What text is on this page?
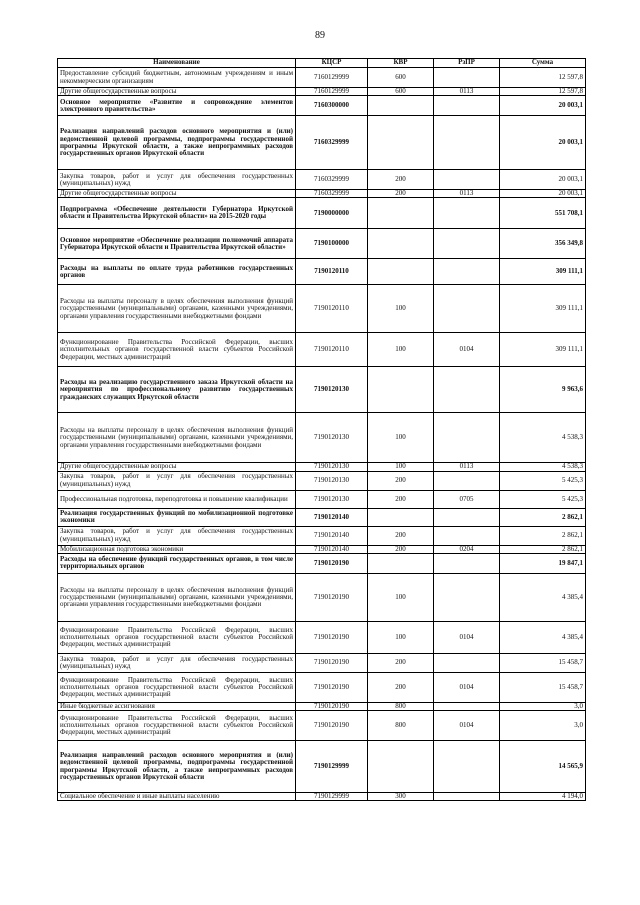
89
Наименование	КЦСР	КВР	РзПР	Сумма
Предоставление субсидий бюджетным, автономным учреждениям и иным некоммерческим организациям	7160129999	600		12 597,8
Другие общегосударственные вопросы	7160129999	600	0113	12 597,8
Основное мероприятие «Развитие и сопровождение элементов электронного правительства»	7160300000			20 003,1
Реализация направлений расходов основного мероприятия и (или) ведомственной целевой программы, подпрограммы государственной программы Иркутской области, а также непрограммных расходов государственных органов Иркутской области	7160329999			20 003,1
Закупка товаров, работ и услуг для обеспечения государственных (муниципальных) нужд	7160329999	200		20 003,1
Другие общегосударственные вопросы	7160329999	200	0113	20 003,1
Подпрограмма «Обеспечение деятельности Губернатора Иркутской области и Правительства Иркутской области» на 2015-2020 годы	7190000000			551 708,1
Основное мероприятие «Обеспечение реализации полномочий аппарата Губернатора Иркутской области и Правительства Иркутской области»	7190100000			356 349,8
Расходы на выплаты по оплате труда работников государственных органов	7190120110			309 111,1
Расходы на выплаты персоналу в целях обеспечения выполнения функций государственными (муниципальными) органами, казенными учреждениями, органами управления государственными внебюджетными фондами	7190120110	100		309 111,1
Функционирование Правительства Российской Федерации, высших исполнительных органов государственной власти субъектов Российской Федерации, местных администраций	7190120110	100	0104	309 111,1
Расходы на реализацию государственного заказа Иркутской области на мероприятия по профессиональному развитию государственных гражданских служащих Иркутской области	7190120130			9 963,6
Расходы на выплаты персоналу в целях обеспечения выполнения функций государственными (муниципальными) органами, казенными учреждениями, органами управления государственными внебюджетными фондами	7190120130	100		4 538,3
Другие общегосударственные вопросы	7190120130	100	0113	4 538,3
Закупка товаров, работ и услуг для обеспечения государственных (муниципальных) нужд	7190120130	200		5 425,3
Профессиональная подготовка, переподготовка и повышение квалификации	7190120130	200	0705	5 425,3
Реализация государственных функций по мобилизационной подготовке экономики	7190120140			2 862,1
Закупка товаров, работ и услуг для обеспечения государственных (муниципальных) нужд	7190120140	200		2 862,1
Мобилизационная подготовка экономики	7190120140	200	0204	2 862,1
Расходы на обеспечение функций государственных органов, в том числе территориальных органов	7190120190			19 847,1
Расходы на выплаты персоналу в целях обеспечения выполнения функций государственными (муниципальными) органами, казенными учреждениями, органами управления государственными внебюджетными фондами	7190120190	100		4 385,4
Функционирование Правительства Российской Федерации, высших исполнительных органов государственной власти субъектов Российской Федерации, местных администраций	7190120190	100	0104	4 385,4
Закупка товаров, работ и услуг для обеспечения государственных (муниципальных) нужд	7190120190	200		15 458,7
Функционирование Правительства Российской Федерации, высших исполнительных органов государственной власти субъектов Российской Федерации, местных администраций	7190120190	200	0104	15 458,7
Иные бюджетные ассигнования	7190120190	800		3,0
Функционирование Правительства Российской Федерации, высших исполнительных органов государственной власти субъектов Российской Федерации, местных администраций	7190120190	800	0104	3,0
Реализация направлений расходов основного мероприятия и (или) ведомственной целевой программы, подпрограммы государственной программы Иркутской области, а также непрограммных расходов государственных органов Иркутской области	7190129999			14 565,9
Социальное обеспечение и иные выплаты населению	7190129999	300		4 194,0
